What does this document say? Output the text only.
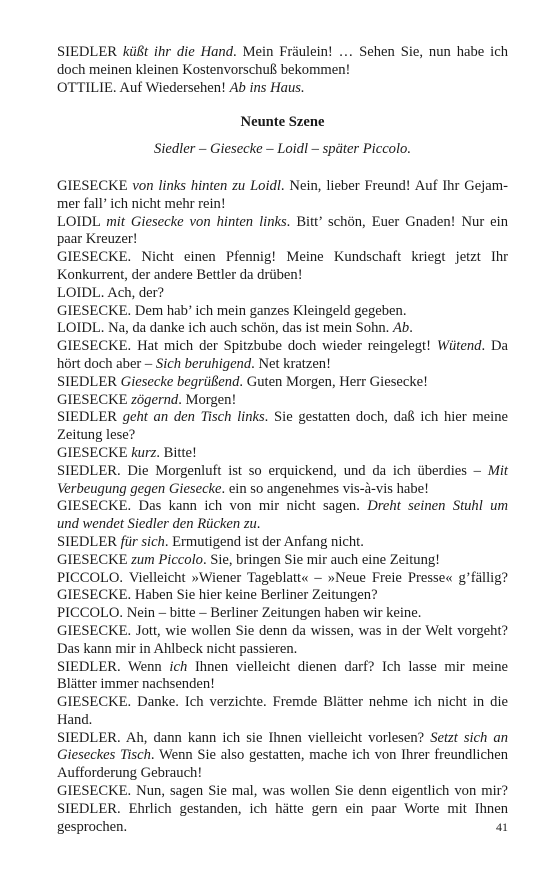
SIEDLER küßt ihr die Hand. Mein Fräulein! … Sehen Sie, nun habe ich
doch meinen kleinen Kostenvorschuß bekommen!
OTTILIE. Auf Wiedersehen! Ab ins Haus.
Neunte Szene
Siedler – Giesecke – Loidl – später Piccolo.
GIESECKE von links hinten zu Loidl. Nein, lieber Freund! Auf Ihr Gejam-
mer fall’ ich nicht mehr rein!
LOIDL mit Giesecke von hinten links. Bitt’ schön, Euer Gnaden! Nur ein
paar Kreuzer!
GIESECKE. Nicht einen Pfennig! Meine Kundschaft kriegt jetzt Ihr
Konkurrent, der andere Bettler da drüben!
LOIDL. Ach, der?
GIESECKE. Dem hab’ ich mein ganzes Kleingeld gegeben.
LOIDL. Na, da danke ich auch schön, das ist mein Sohn. Ab.
GIESECKE. Hat mich der Spitzbube doch wieder reingelegt! Wütend. Da
hört doch aber – Sich beruhigend. Net kratzen!
SIEDLER Giesecke begrüßend. Guten Morgen, Herr Giesecke!
GIESECKE zögernd. Morgen!
SIEDLER geht an den Tisch links. Sie gestatten doch, daß ich hier meine
Zeitung lese?
GIESECKE kurz. Bitte!
SIEDLER. Die Morgenluft ist so erquickend, und da ich überdies – Mit
Verbeugung gegen Giesecke. ein so angenehmes vis-à-vis habe!
GIESECKE. Das kann ich von mir nicht sagen. Dreht seinen Stuhl um
und wendet Siedler den Rücken zu.
SIEDLER für sich. Ermutigend ist der Anfang nicht.
GIESECKE zum Piccolo. Sie, bringen Sie mir auch eine Zeitung!
PICCOLO. Vielleicht »Wiener Tageblatt« – »Neue Freie Presse« g’fällig?
GIESECKE. Haben Sie hier keine Berliner Zeitungen?
PICCOLO. Nein – bitte – Berliner Zeitungen haben wir keine.
GIESECKE. Jott, wie wollen Sie denn da wissen, was in der Welt vorgeht?
Das kann mir in Ahlbeck nicht passieren.
SIEDLER. Wenn ich Ihnen vielleicht dienen darf? Ich lasse mir meine
Blätter immer nachsenden!
GIESECKE. Danke. Ich verzichte. Fremde Blätter nehme ich nicht in die
Hand.
SIEDLER. Ah, dann kann ich sie Ihnen vielleicht vorlesen? Setzt sich an
Gieseckes Tisch. Wenn Sie also gestatten, mache ich von Ihrer freundlichen
Aufforderung Gebrauch!
GIESECKE. Nun, sagen Sie mal, was wollen Sie denn eigentlich von mir?
SIEDLER. Ehrlich gestanden, ich hätte gern ein paar Worte mit Ihnen
gesprochen.	41
